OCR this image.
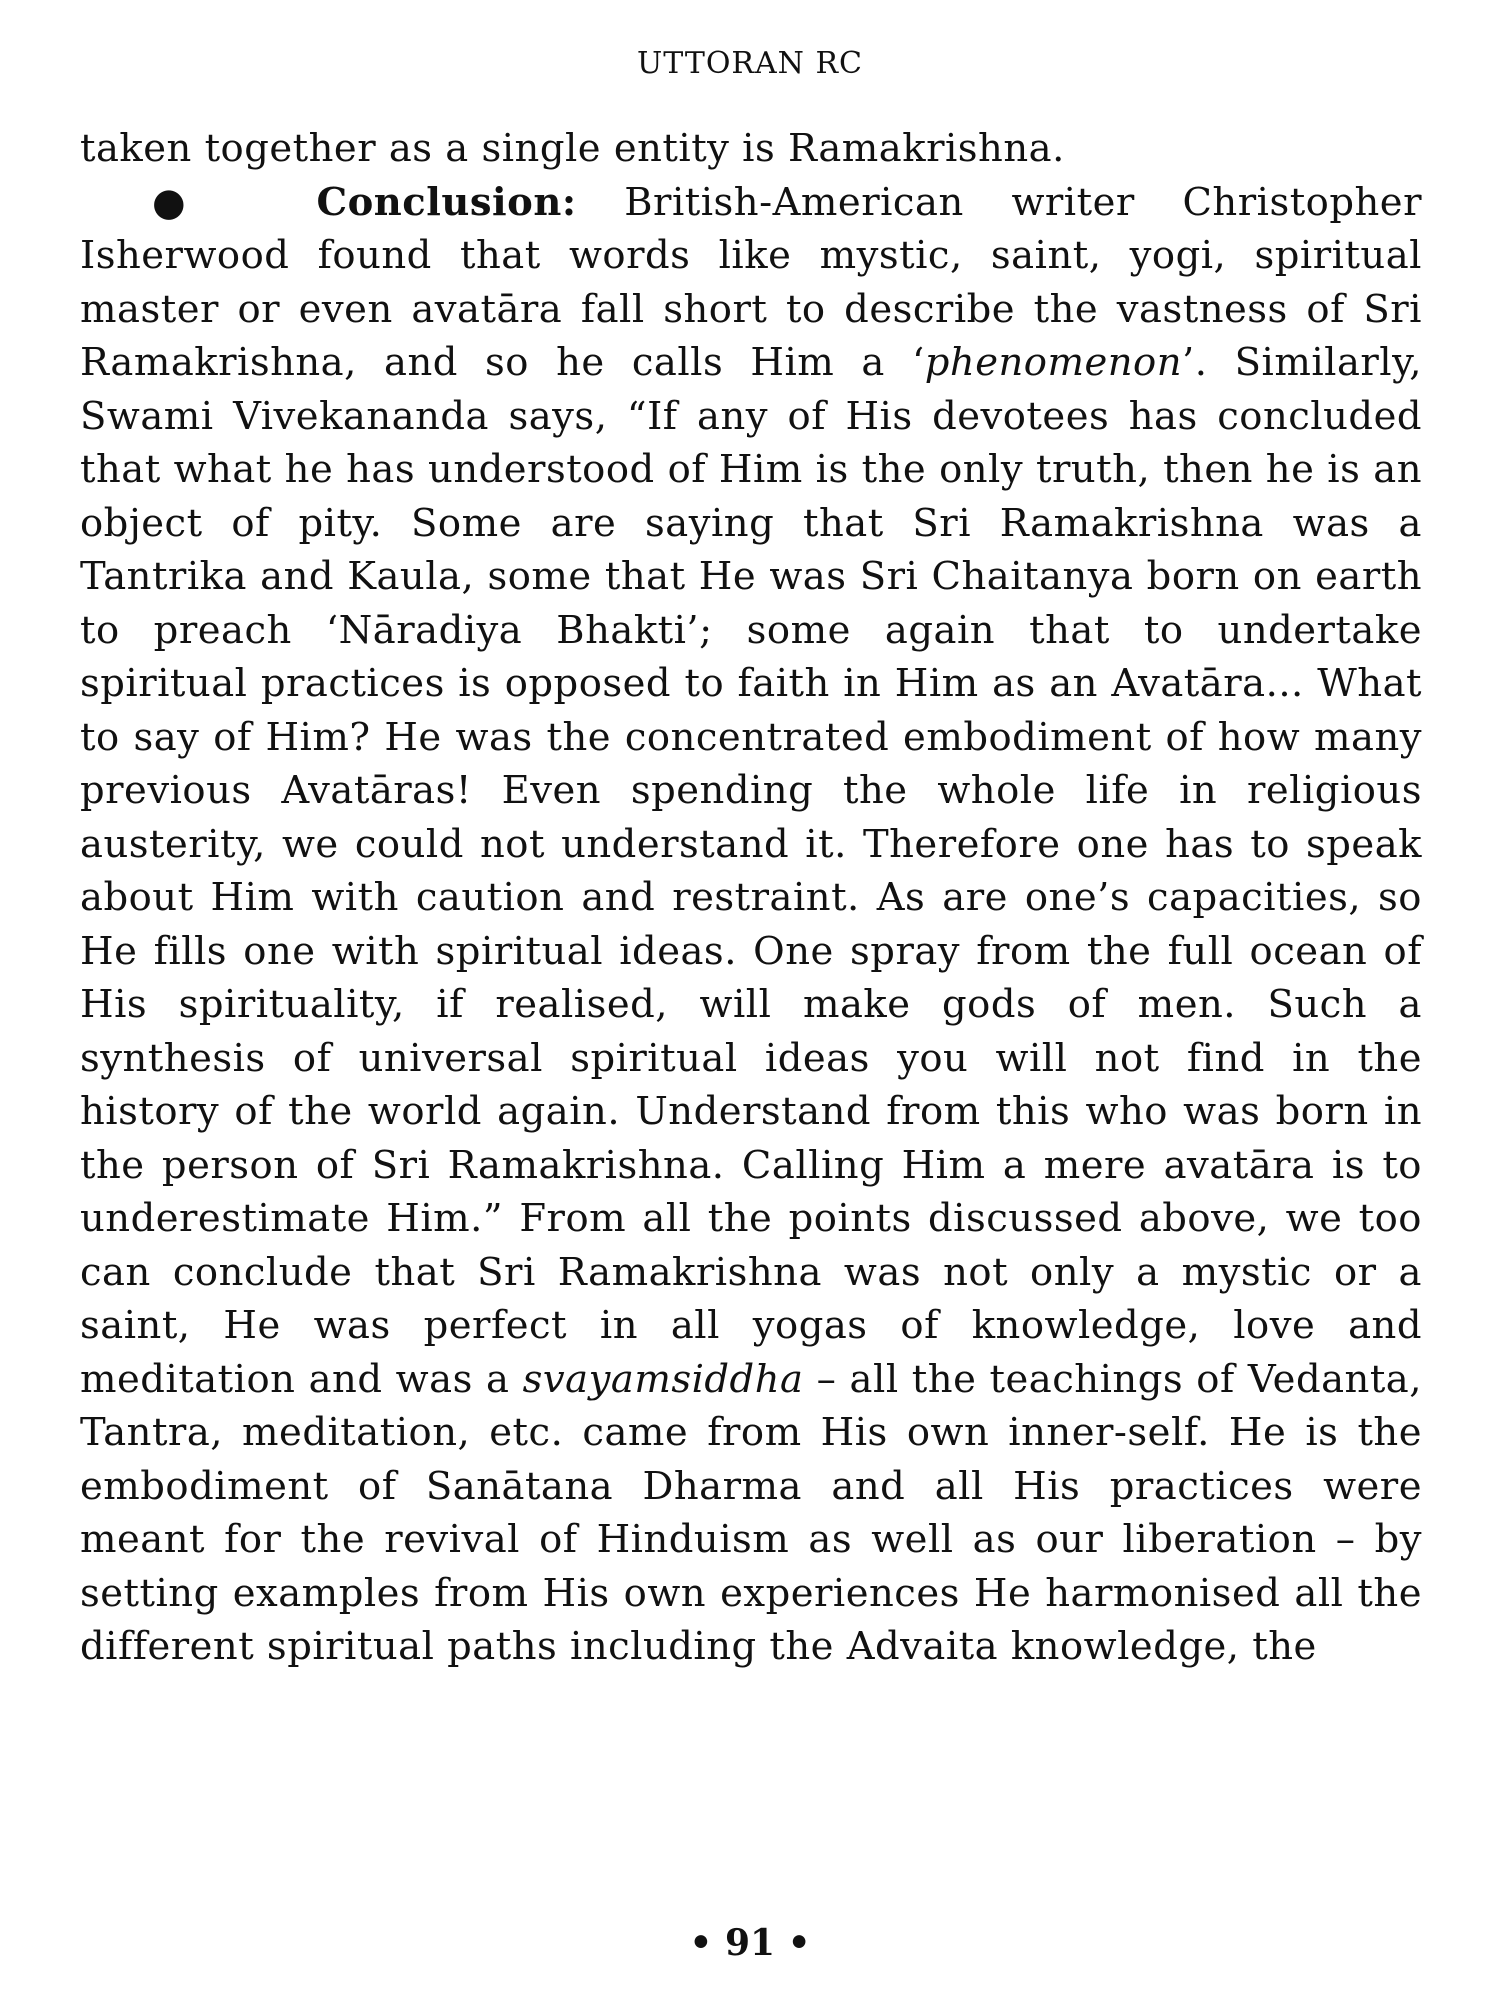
UTTORAN RC

taken together as a single entity is Ramakrishna.

● Conclusion: British-American writer Christopher Isherwood found that words like mystic, saint, yogi, spiritual master or even avatāra fall short to describe the vastness of Sri Ramakrishna, and so he calls Him a ‘phenomenon’. Similarly, Swami Vivekananda says, “If any of His devotees has concluded that what he has understood of Him is the only truth, then he is an object of pity. Some are saying that Sri Ramakrishna was a Tantrika and Kaula, some that He was Sri Chaitanya born on earth to preach ‘Nāradiya Bhakti’; some again that to undertake spiritual practices is opposed to faith in Him as an Avatāra... What to say of Him? He was the concentrated embodiment of how many previous Avatāras! Even spending the whole life in religious austerity, we could not understand it. Therefore one has to speak about Him with caution and restraint. As are one’s capacities, so He fills one with spiritual ideas. One spray from the full ocean of His spirituality, if realised, will make gods of men. Such a synthesis of universal spiritual ideas you will not find in the history of the world again. Understand from this who was born in the person of Sri Ramakrishna. Calling Him a mere avatāra is to underestimate Him.” From all the points discussed above, we too can conclude that Sri Ramakrishna was not only a mystic or a saint, He was perfect in all yogas of knowledge, love and meditation and was a svayamsiddha – all the teachings of Vedanta, Tantra, meditation, etc. came from His own inner-self. He is the embodiment of Sanātana Dharma and all His practices were meant for the revival of Hinduism as well as our liberation – by setting examples from His own experiences He harmonised all the different spiritual paths including the Advaita knowledge, the

• 91 •
